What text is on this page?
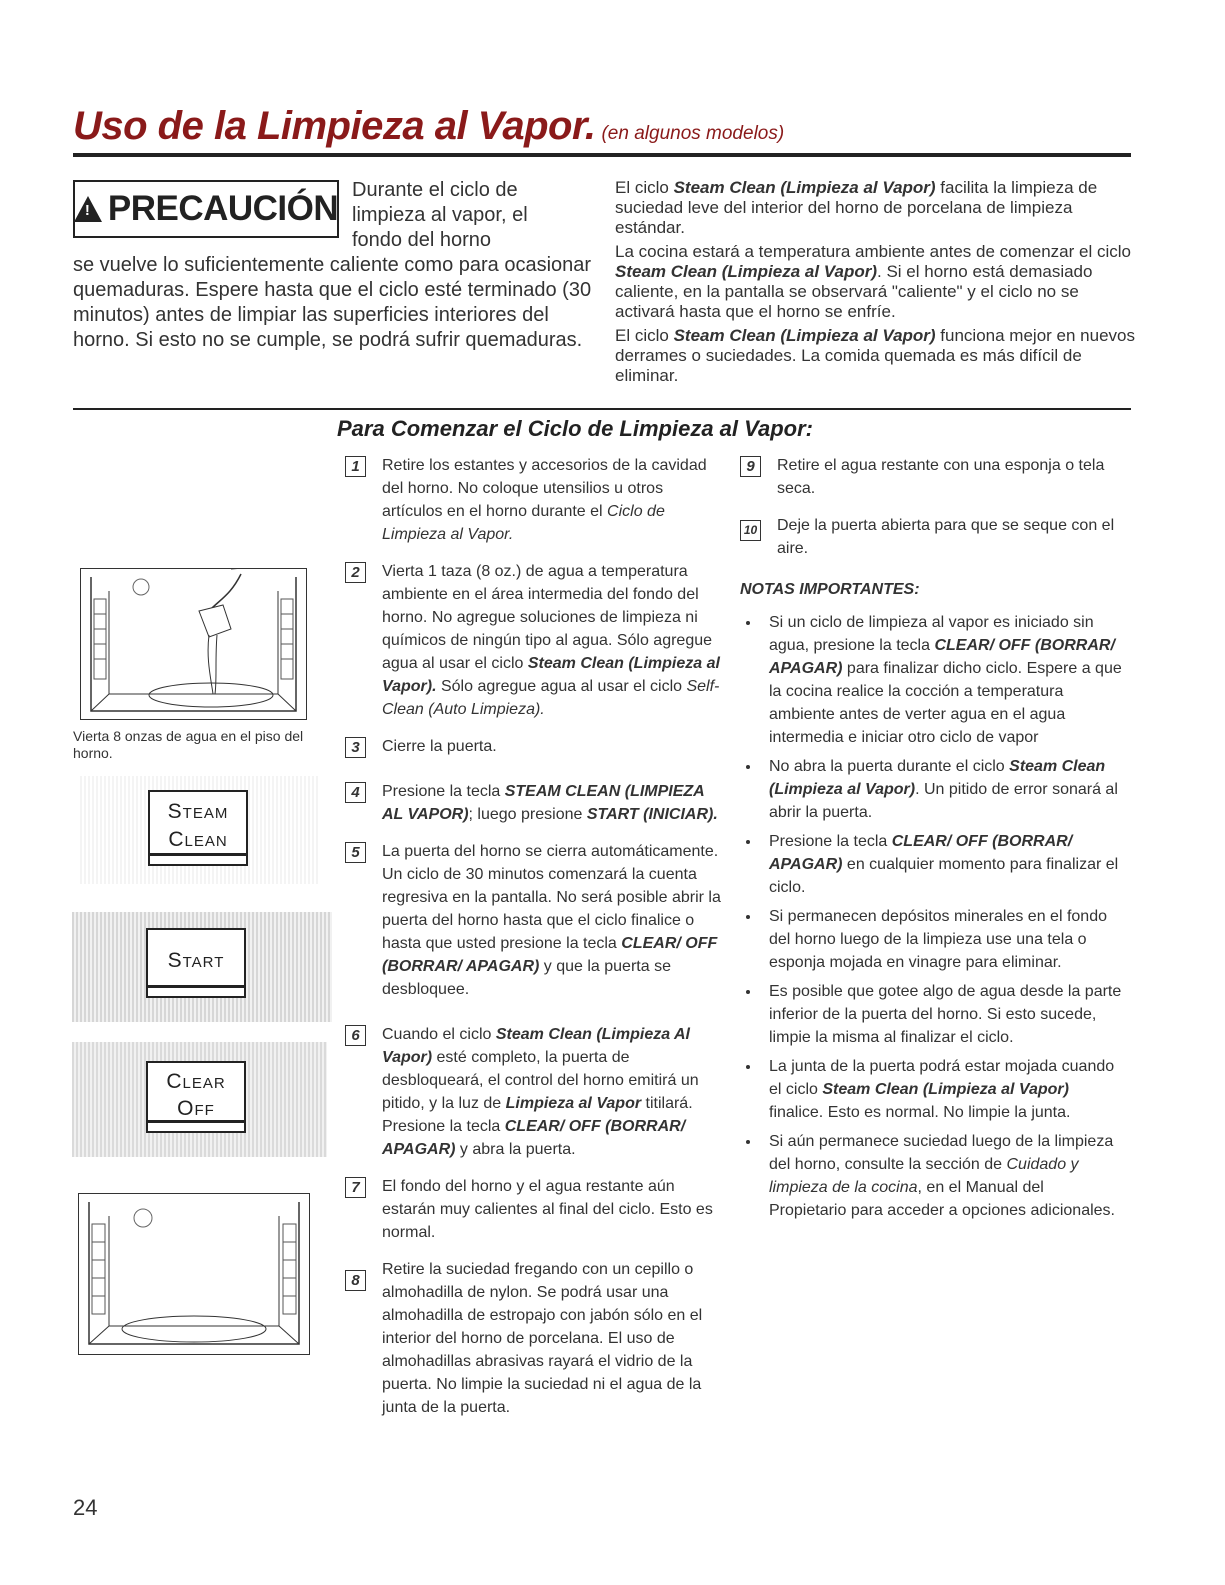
Uso de la Limpieza al Vapor. (en algunos modelos)
! PRECAUCIÓN Durante el ciclo de limpieza al vapor, el fondo del horno
se vuelve lo suficientemente caliente como para ocasionar quemaduras. Espere hasta que el ciclo esté terminado (30 minutos) antes de limpiar las superficies interiores del horno. Si esto no se cumple, se podrá sufrir quemaduras.

El ciclo Steam Clean (Limpieza al Vapor) facilita la limpieza de suciedad leve del interior del horno de porcelana de limpieza estándar.

La cocina estará a temperatura ambiente antes de comenzar el ciclo Steam Clean (Limpieza al Vapor). Si el horno está demasiado caliente, en la pantalla se observará "caliente" y el ciclo no se activará hasta que el horno se enfríe.

El ciclo Steam Clean (Limpieza al Vapor) funciona mejor en nuevos derrames o suciedades. La comida quemada es más difícil de eliminar.

Para Comenzar el Ciclo de Limpieza al Vapor:
Vierta 8 onzas de agua en el piso del horno.
Steam
Clean
Start
Clear
Off
1	Retire los estantes y accesorios de la cavidad del horno. No coloque utensilios u otros artículos en el horno durante el Ciclo de Limpieza al Vapor.
2	Vierta 1 taza (8 oz.) de agua a temperatura ambiente en el área intermedia del fondo del horno. No agregue soluciones de limpieza ni químicos de ningún tipo al agua. Sólo agregue agua al usar el ciclo Steam Clean (Limpieza al Vapor). Sólo agregue agua al usar el ciclo Self-Clean (Auto Limpieza).
3	Cierre la puerta.
4	Presione la tecla STEAM CLEAN (LIMPIEZA AL VAPOR); luego presione START (INICIAR).
5	La puerta del horno se cierra automáticamente. Un ciclo de 30 minutos comenzará la cuenta regresiva en la pantalla. No será posible abrir la puerta del horno hasta que el ciclo finalice o hasta que usted presione la tecla CLEAR/ OFF (BORRAR/ APAGAR) y que la puerta se desbloquee.
6	Cuando el ciclo Steam Clean (Limpieza Al Vapor) esté completo, la puerta de desbloqueará, el control del horno emitirá un pitido, y la luz de Limpieza al Vapor titilará. Presione la tecla CLEAR/ OFF (BORRAR/ APAGAR) y abra la puerta.
7	El fondo del horno y el agua restante aún estarán muy calientes al final del ciclo. Esto es normal.
8
Retire la suciedad fregando con un cepillo o almohadilla de nylon. Se podrá usar una almohadilla de estropajo con jabón sólo en el interior del horno de porcelana. El uso de almohadillas abrasivas rayará el vidrio de la puerta. No limpie la suciedad ni el agua de la junta de la puerta.
9	Retire el agua restante con una esponja o tela seca.
10 Deje la puerta abierta para que se seque con el aire.
NOTAS IMPORTANTES:
• Si un ciclo de limpieza al vapor es iniciado sin agua, presione la tecla CLEAR/ OFF (BORRAR/ APAGAR) para finalizar dicho ciclo. Espere a que la cocina realice la cocción a temperatura ambiente antes de verter agua en el agua intermedia e iniciar otro ciclo de vapor
• No abra la puerta durante el ciclo Steam Clean (Limpieza al Vapor). Un pitido de error sonará al abrir la puerta.
• Presione la tecla CLEAR/ OFF (BORRAR/ APAGAR) en cualquier momento para finalizar el ciclo.
• Si permanecen depósitos minerales en el fondo del horno luego de la limpieza use una tela o esponja mojada en vinagre para eliminar.
• Es posible que gotee algo de agua desde la parte inferior de la puerta del horno. Si esto sucede, limpie la misma al finalizar el ciclo.
• La junta de la puerta podrá estar mojada cuando el ciclo Steam Clean (Limpieza al Vapor) finalice. Esto es normal. No limpie la junta.
• Si aún permanece suciedad luego de la limpieza del horno, consulte la sección de Cuidado y limpieza de la cocina, en el Manual del Propietario para acceder a opciones adicionales.
24
